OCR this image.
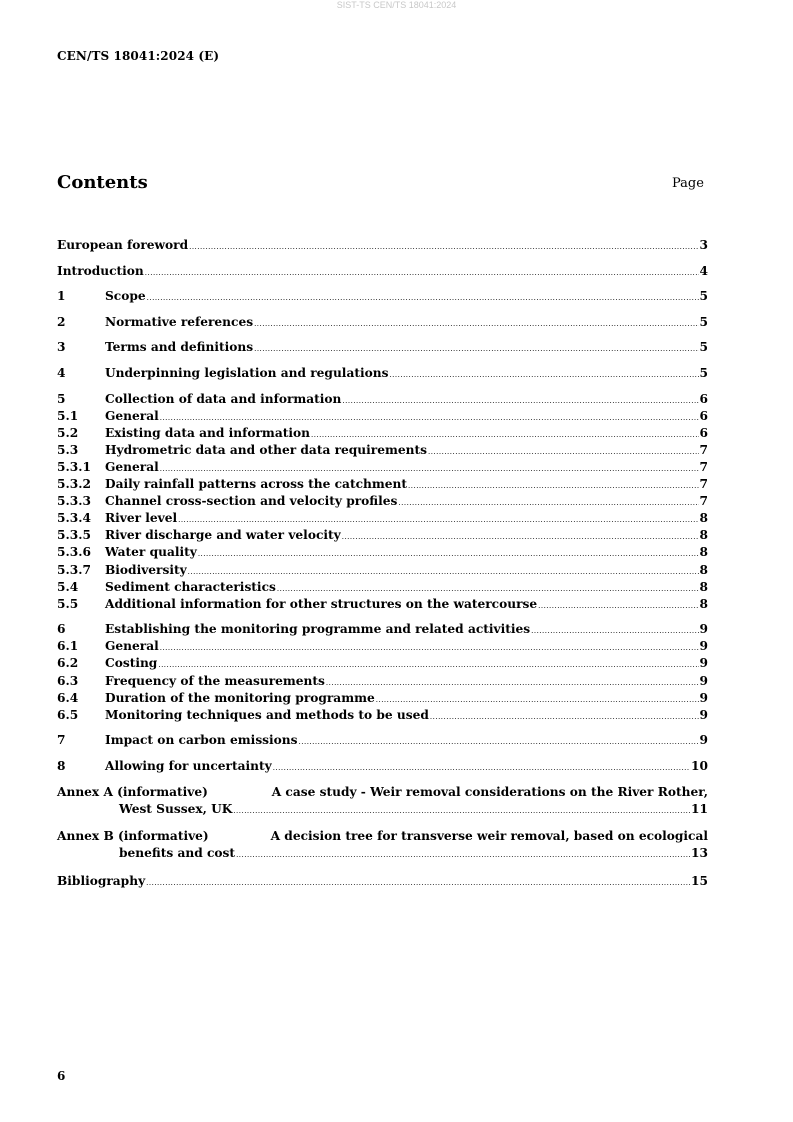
SIST-TS CEN/TS 18041:2024
CEN/TS 18041:2024 (E)
Contents	Page
European foreword .....	3
Introduction .....	4
1	Scope .....	5
2	Normative references .....	5
3	Terms and definitions .....	5
4	Underpinning legislation and regulations .....	5
5	Collection of data and information .....	6
5.1	General .....	6
5.2	Existing data and information .....	6
5.3	Hydrometric data and other data requirements .....	7
5.3.1	General .....	7
5.3.2	Daily rainfall patterns across the catchment .....	7
5.3.3	Channel cross-section and velocity profiles .....	7
5.3.4	River level .....	8
5.3.5	River discharge and water velocity .....	8
5.3.6	Water quality .....	8
5.3.7	Biodiversity .....	8
5.4	Sediment characteristics .....	8
5.5	Additional information for other structures on the watercourse .....	8
6	Establishing the monitoring programme and related activities .....	9
6.1	General .....	9
6.2	Costing .....	9
6.3	Frequency of the measurements .....	9
6.4	Duration of the monitoring programme .....	9
6.5	Monitoring techniques and methods to be used .....	9
7	Impact on carbon emissions .....	9
8	Allowing for uncertainty .....	10
Annex A (informative)	A case study - Weir removal considerations on the River Rother,
West Sussex, UK .....	11
Annex B (informative)	A decision tree for transverse weir removal, based on ecological
benefits and cost .....	13
Bibliography .....	15
6
